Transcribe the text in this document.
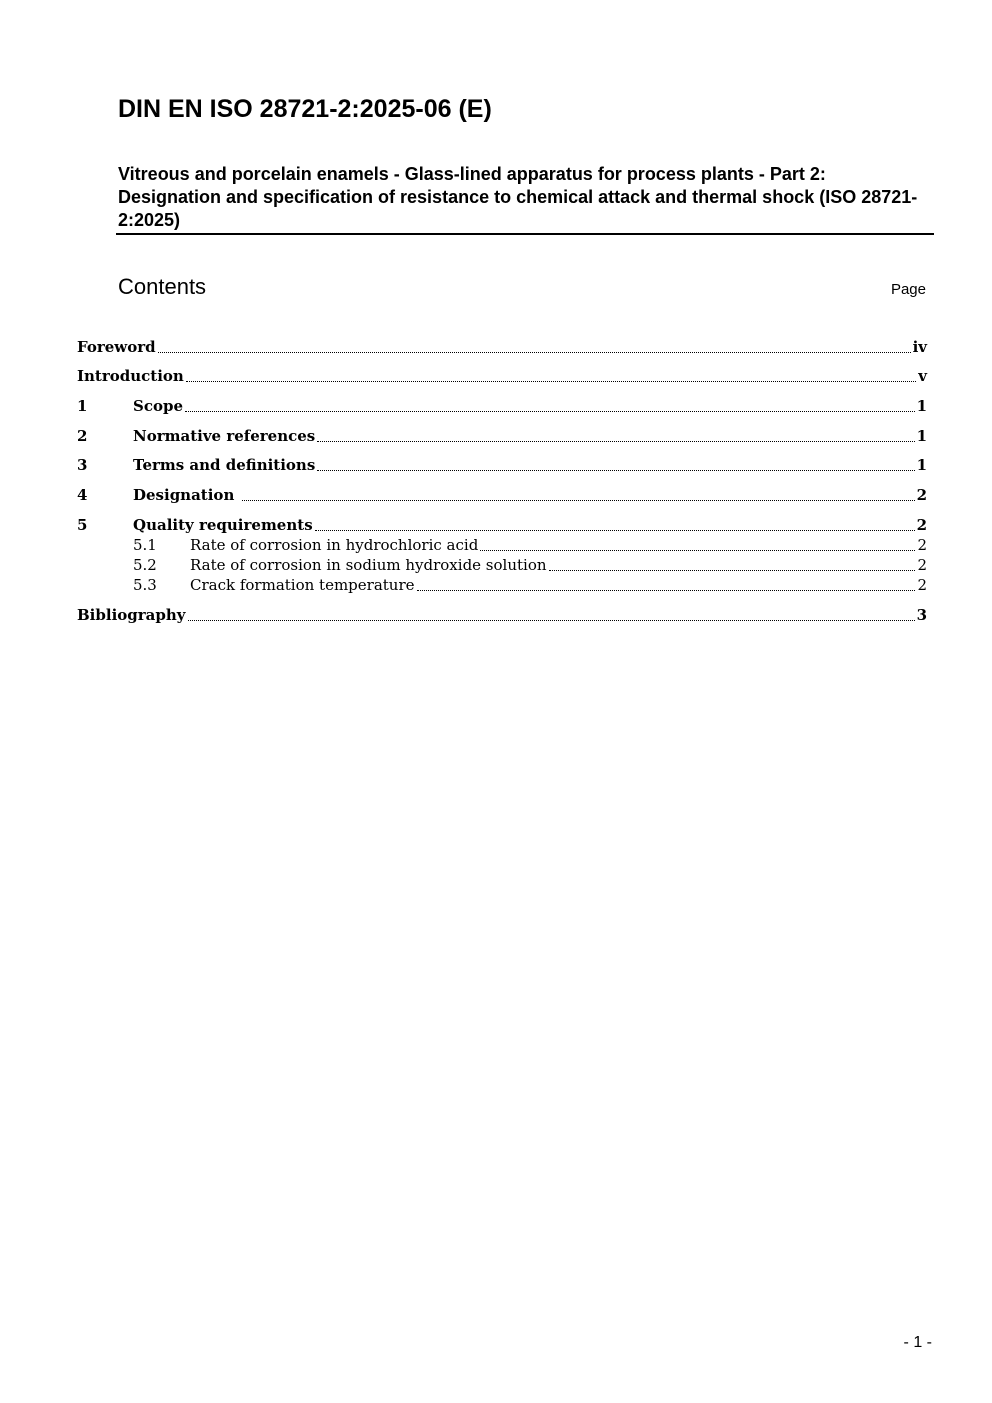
DIN EN ISO 28721-2:2025-06 (E)
Vitreous and porcelain enamels - Glass-lined apparatus for process plants - Part 2: Designation and specification of resistance to chemical attack and thermal shock (ISO 28721-2:2025)
Contents	Page
Foreword	iv
Introduction	v
1	Scope	1
2	Normative references	1
3	Terms and definitions	1
4	Designation	2
5	Quality requirements	2
5.1	Rate of corrosion in hydrochloric acid	2
5.2	Rate of corrosion in sodium hydroxide solution	2
5.3	Crack formation temperature	2
Bibliography	3
- 1 -
